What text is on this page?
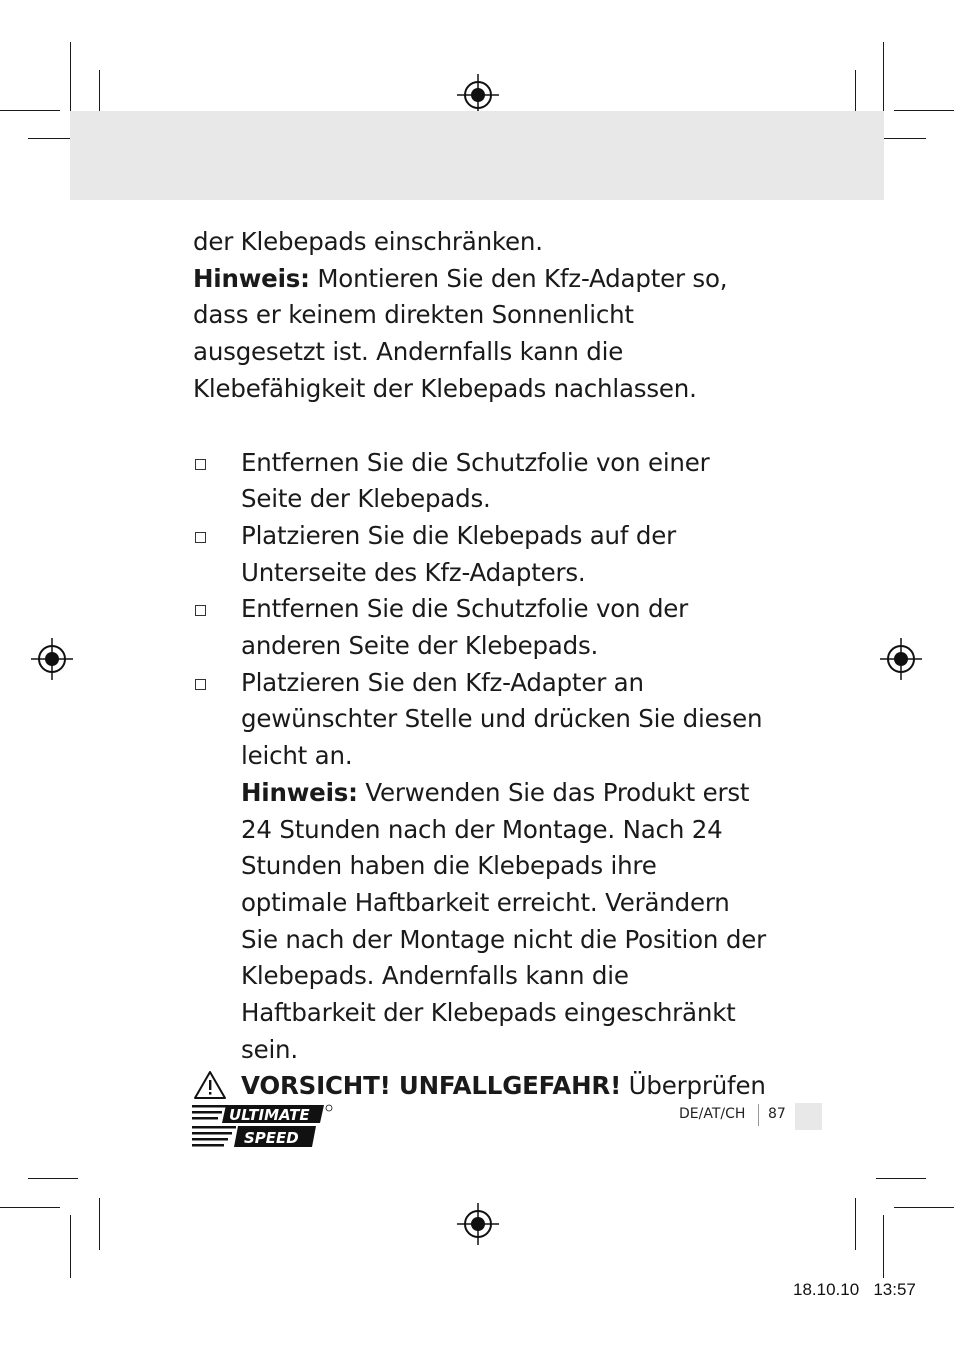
der Klebepads einschränken.

Hinweis: Montieren Sie den Kfz-Adapter so, dass er keinem direkten Sonnenlicht ausgesetzt ist. Andernfalls kann die Klebefähigkeit der Klebepads nachlassen.

Entfernen Sie die Schutzfolie von einer Seite der Klebepads.
Platzieren Sie die Klebepads auf der Unterseite des Kfz-Adapters.
Entfernen Sie die Schutzfolie von der anderen Seite der Klebepads.
Platzieren Sie den Kfz-Adapter an gewünschter Stelle und drücken Sie diesen leicht an.
Hinweis: Verwenden Sie das Produkt erst 24 Stunden nach der Montage. Nach 24 Stunden haben die Klebepads ihre optimale Haftbarkeit erreicht. Verändern Sie nach der Montage nicht die Position der Klebepads. Andernfalls kann die Haftbarkeit der Klebepads eingeschränkt sein.
VORSICHT! UNFALLGEFAHR! Überprüfen
ULTIMATE
SPEED
DE/AT/CH 87
18.10.10   13:57
